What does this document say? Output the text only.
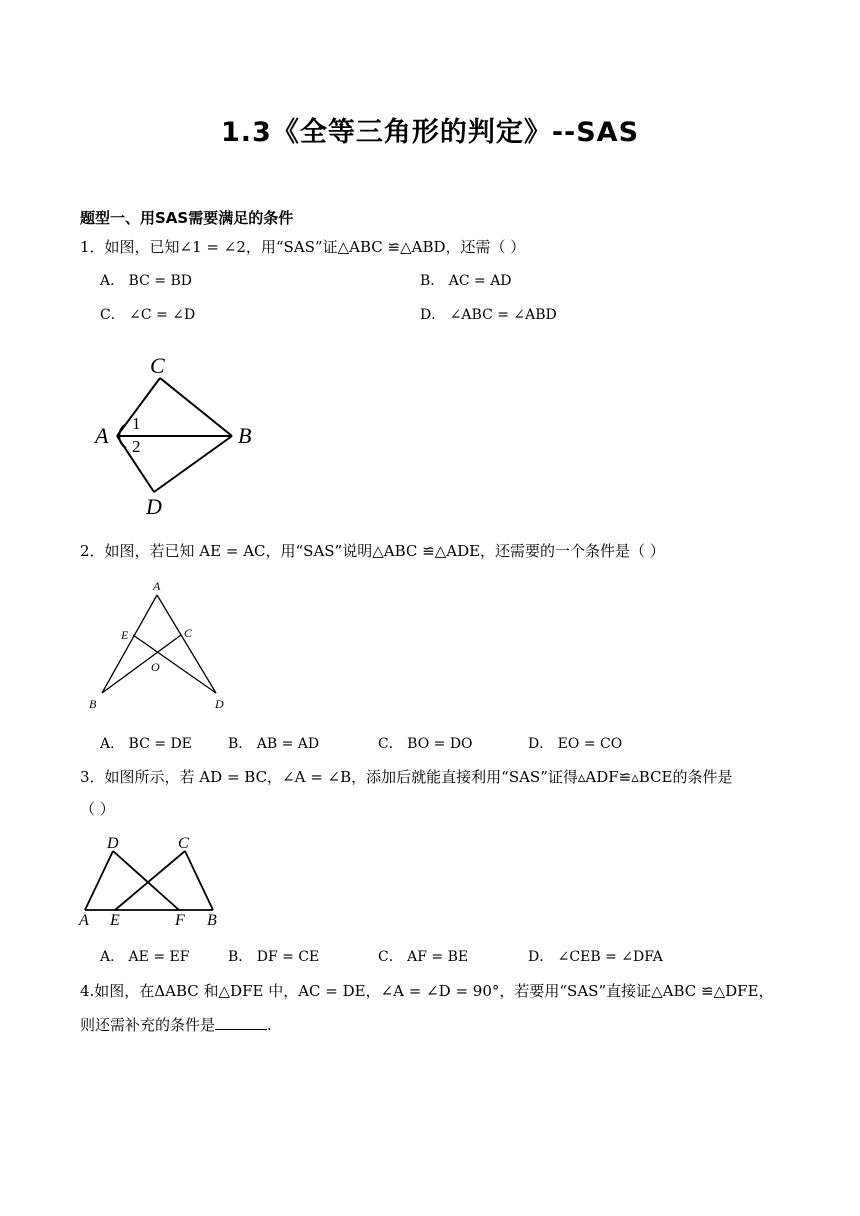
1.3《全等三角形的判定》--SAS
题型一、用SAS需要满足的条件
1．如图，已知∠1 = ∠2，用“SAS”证△ABC ≌△ABD，还需（ ）
A． BC = BD	B． AC = AD
C． ∠C = ∠D	D． ∠ABC = ∠ABD
C
A	B
D
1
2
2．如图，若已知 AE = AC，用“SAS”说明△ABC ≌△ADE，还需要的一个条件是（ ）
A
E	C
O
B	D
A． BC = DE	B． AB = AD	C． BO = DO	D． EO = CO
3．如图所示，若 AD = BC，∠A = ∠B，添加后就能直接利用“SAS”证得▵ADF≌▵BCE的条件是
（ ）
D	C
A E	F B
A． AE = EF	B． DF = CE	C． AF = BE	D． ∠CEB = ∠DFA
4.如图，在ΔABC 和△DFE 中，AC = DE，∠A = ∠D = 90°，若要用“SAS”直接证△ABC ≌△DFE，
则还需补充的条件是	.
